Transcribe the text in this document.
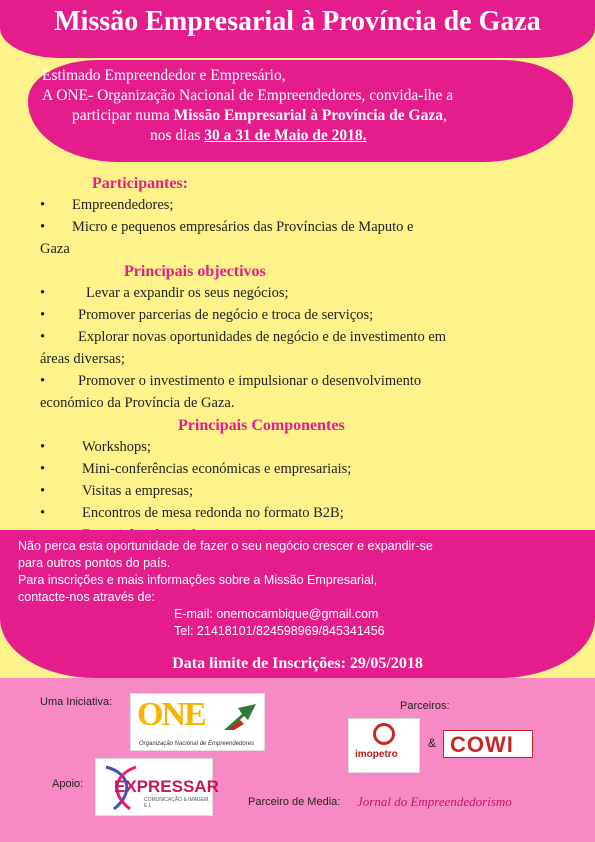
Missão Empresarial à Província de Gaza
Estimado Empreendedor e Empresário,
A ONE- Organização Nacional de Empreendedores, convida-lhe a
participar numa Missão Empresarial à Província de Gaza,
nos dias 30 a 31 de Maio de 2018.
Participantes:
•	Empreendedores;
•	Micro e pequenos empresários das Províncias de Maputo e
Gaza
Principais objectivos
•	Levar a expandir os seus negócios;
•	Promover parcerias de negócio e troca de serviços;
•	Explorar novas oportunidades de negócio e de investimento em
áreas diversas;
•	Promover o investimento e impulsionar o desenvolvimento
económico da Província de Gaza.
Principais Componentes
•	Workshops;
•	Mini-conferências económicas e empresariais;
•	Visitas a empresas;
•	Encontros de mesa redonda no formato B2B;
Não perca esta oportunidade de fazer o seu negócio crescer e expandir-se
para outros pontos do país.
Para inscrições e mais informações sobre a Missão Empresarial,
contacte-nos através de:
E-mail: onemocambique@gmail.com
Tel: 21418101/824598969/845341456
Data limite de Inscrições: 29/05/2018
Uma Iniciativa: ONE
Organização Nacional de Empreendedores
Parceiros:
imopetro
& COWI
Apoio: EXPRESSAR
COMUNICAÇÃO & IMAGEM, E.I.	Parceiro de Media: Jornal do Empreendedorismo
